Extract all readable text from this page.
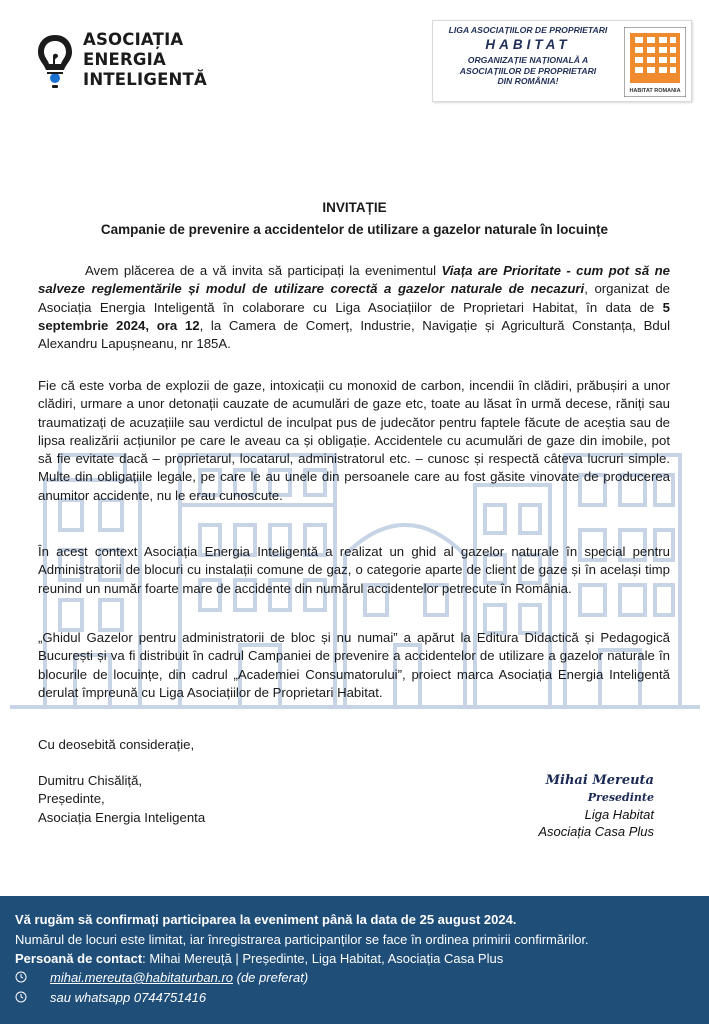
ASOCIAȚIA
ENERGIA
INTELIGENTĂ
LIGA ASOCIAȚIILOR DE PROPRIETARI
HABITAT
ORGANIZAȚIE NAȚIONALĂ A
ASOCIAȚIILOR DE PROPRIETARI
DIN ROMÂNIA!
HABITAT ROMANIA
INVITAȚIE
Campanie de prevenire a accidentelor de utilizare a gazelor naturale în locuințe
Avem plăcerea de a vă invita să participați la evenimentul Viața are Prioritate - cum pot să ne salveze reglementările și modul de utilizare corectă a gazelor naturale de necazuri, organizat de Asociația Energia Inteligentă în colaborare cu Liga Asociațiilor de Proprietari Habitat, în data de 5 septembrie 2024, ora 12, la Camera de Comerț, Industrie, Navigație și Agricultură Constanța, Bdul Alexandru Lapușneanu, nr 185A.
Fie că este vorba de explozii de gaze, intoxicații cu monoxid de carbon, incendii în clădiri, prăbușiri a unor clădiri, urmare a unor detonații cauzate de acumulări de gaze etc, toate au lăsat în urmă decese, răniți sau traumatizați de acuzațiile sau verdictul de inculpat pus de judecător pentru faptele făcute de aceștia sau de lipsa realizării acțiunilor pe care le aveau ca și obligație. Accidentele cu acumulări de gaze din imobile, pot să fie evitate dacă – proprietarul, locatarul, administratorul etc. – cunosc și respectă câteva lucruri simple. Multe din obligațiile legale, pe care le au unele din persoanele care au fost găsite vinovate de producerea anumitor accidente, nu le erau cunoscute.
În acest context Asociația Energia Inteligentă a realizat un ghid al gazelor naturale în special pentru Administratorii de blocuri cu instalații comune de gaz, o categorie aparte de client de gaze și în același timp reunind un număr foarte mare de accidente din numărul accidentelor petrecute în România.
„Ghidul Gazelor pentru administratorii de bloc și nu numai” a apărut la Editura Didactică și Pedagogică București și va fi distribuit în cadrul Campaniei de prevenire a accidentelor de utilizare a gazelor naturale în blocurile de locuințe, din cadrul „Academiei Consumatorului”, proiect marca Asociația Energia Inteligentă derulat împreună cu Liga Asociațiilor de Proprietari Habitat.
Cu deosebită considerație,
Dumitru Chisăliță,
Președinte,
Asociația Energia Inteligenta
Mihai Mereuta
Presedinte
Liga Habitat
Asociația Casa Plus
Vă rugăm să confirmați participarea la eveniment până la data de 25 august 2024.
Numărul de locuri este limitat, iar înregistrarea participanților se face în ordinea primirii confirmărilor.
Persoană de contact: Mihai Mereuță | Președinte, Liga Habitat, Asociația Casa Plus
mihai.mereuta@habitaturban.ro (de preferat)
sau whatsapp 0744751416
